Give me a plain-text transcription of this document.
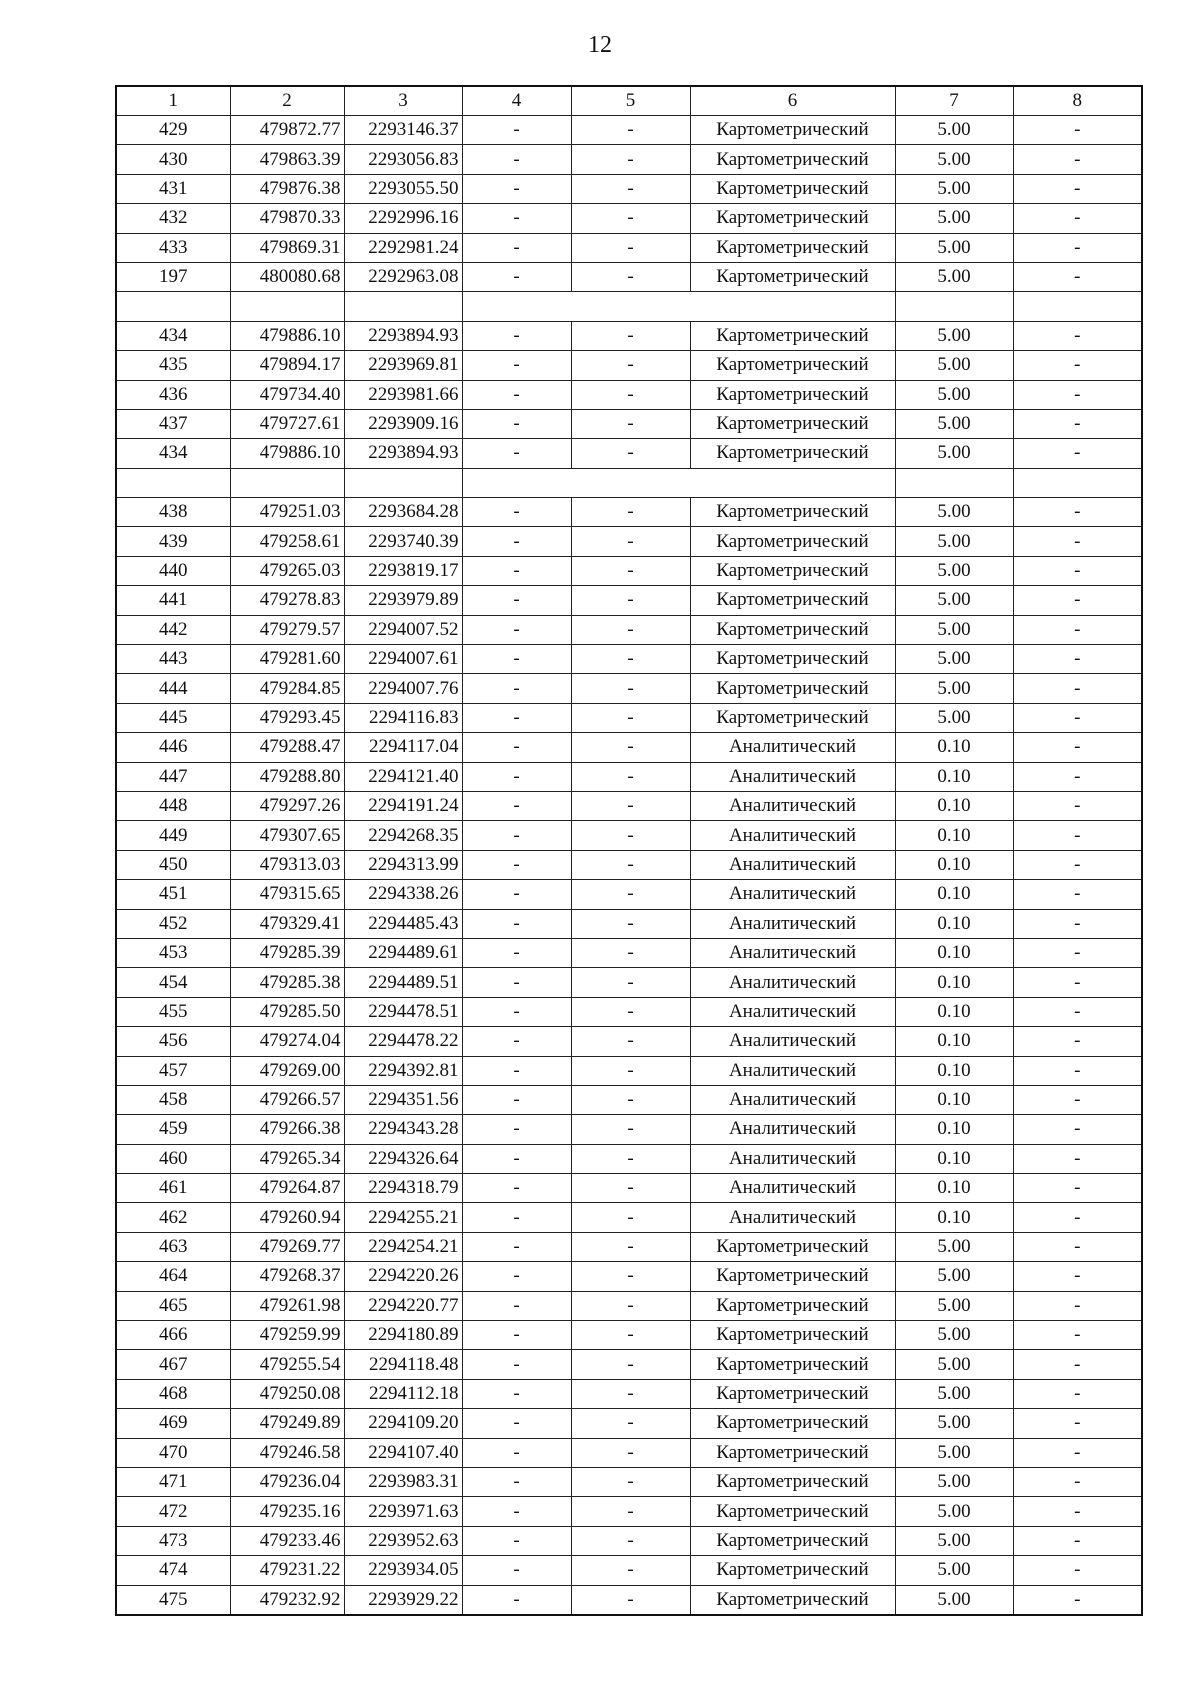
12
1	2	3	4	5	6	7	8
429	479872.77	2293146.37	-	-	Картометрический	5.00	-
430	479863.39	2293056.83	-	-	Картометрический	5.00	-
431	479876.38	2293055.50	-	-	Картометрический	5.00	-
432	479870.33	2292996.16	-	-	Картометрический	5.00	-
433	479869.31	2292981.24	-	-	Картометрический	5.00	-
197	480080.68	2292963.08	-	-	Картометрический	5.00	-

434	479886.10	2293894.93	-	-	Картометрический	5.00	-
435	479894.17	2293969.81	-	-	Картометрический	5.00	-
436	479734.40	2293981.66	-	-	Картометрический	5.00	-
437	479727.61	2293909.16	-	-	Картометрический	5.00	-
434	479886.10	2293894.93	-	-	Картометрический	5.00	-

438	479251.03	2293684.28	-	-	Картометрический	5.00	-
439	479258.61	2293740.39	-	-	Картометрический	5.00	-
440	479265.03	2293819.17	-	-	Картометрический	5.00	-
441	479278.83	2293979.89	-	-	Картометрический	5.00	-
442	479279.57	2294007.52	-	-	Картометрический	5.00	-
443	479281.60	2294007.61	-	-	Картометрический	5.00	-
444	479284.85	2294007.76	-	-	Картометрический	5.00	-
445	479293.45	2294116.83	-	-	Картометрический	5.00	-
446	479288.47	2294117.04	-	-	Аналитический	0.10	-
447	479288.80	2294121.40	-	-	Аналитический	0.10	-
448	479297.26	2294191.24	-	-	Аналитический	0.10	-
449	479307.65	2294268.35	-	-	Аналитический	0.10	-
450	479313.03	2294313.99	-	-	Аналитический	0.10	-
451	479315.65	2294338.26	-	-	Аналитический	0.10	-
452	479329.41	2294485.43	-	-	Аналитический	0.10	-
453	479285.39	2294489.61	-	-	Аналитический	0.10	-
454	479285.38	2294489.51	-	-	Аналитический	0.10	-
455	479285.50	2294478.51	-	-	Аналитический	0.10	-
456	479274.04	2294478.22	-	-	Аналитический	0.10	-
457	479269.00	2294392.81	-	-	Аналитический	0.10	-
458	479266.57	2294351.56	-	-	Аналитический	0.10	-
459	479266.38	2294343.28	-	-	Аналитический	0.10	-
460	479265.34	2294326.64	-	-	Аналитический	0.10	-
461	479264.87	2294318.79	-	-	Аналитический	0.10	-
462	479260.94	2294255.21	-	-	Аналитический	0.10	-
463	479269.77	2294254.21	-	-	Картометрический	5.00	-
464	479268.37	2294220.26	-	-	Картометрический	5.00	-
465	479261.98	2294220.77	-	-	Картометрический	5.00	-
466	479259.99	2294180.89	-	-	Картометрический	5.00	-
467	479255.54	2294118.48	-	-	Картометрический	5.00	-
468	479250.08	2294112.18	-	-	Картометрический	5.00	-
469	479249.89	2294109.20	-	-	Картометрический	5.00	-
470	479246.58	2294107.40	-	-	Картометрический	5.00	-
471	479236.04	2293983.31	-	-	Картометрический	5.00	-
472	479235.16	2293971.63	-	-	Картометрический	5.00	-
473	479233.46	2293952.63	-	-	Картометрический	5.00	-
474	479231.22	2293934.05	-	-	Картометрический	5.00	-
475	479232.92	2293929.22	-	-	Картометрический	5.00	-
